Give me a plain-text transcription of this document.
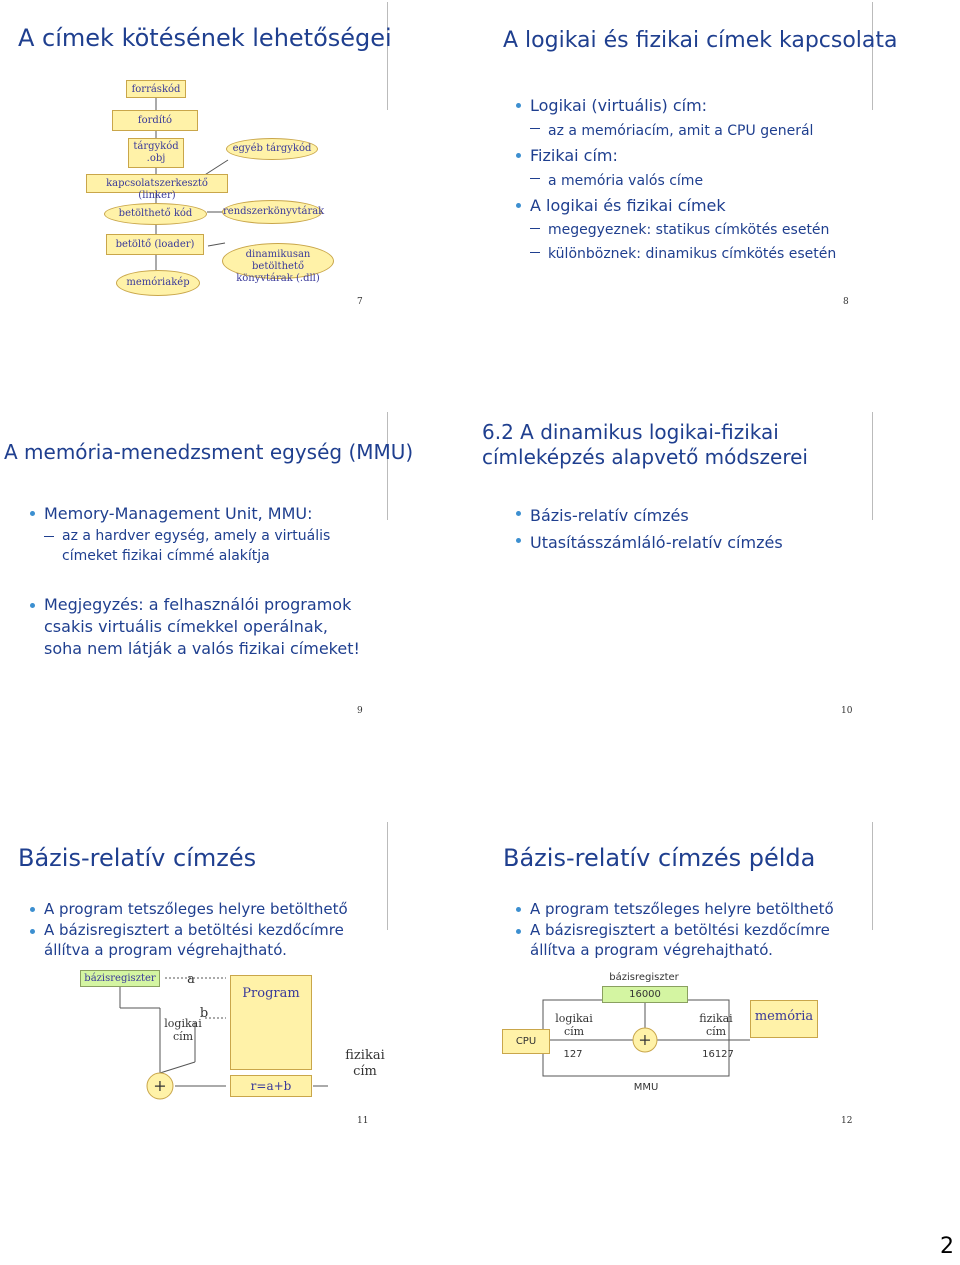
A címek kötésének lehetőségei
forráskód
fordító
tárgykód .obj
egyéb tárgykód
kapcsolatszerkesztő (linker)
betölthető kód	rendszerkönyvtárak
betöltő (loader)
dinamikusan betölthető könyvtárak (.dll)
memóriakép
7
A logikai és fizikai címek kapcsolata
Logikai (virtuális) cím:
az a memóriacím, amit a CPU generál
Fizikai cím:
a memória valós címe
A logikai és fizikai címek
megegyeznek: statikus címkötés esetén
különböznek: dinamikus címkötés esetén
8
A memória-menedzsment egység (MMU)
Memory-Management Unit, MMU:
az a hardver egység, amely a virtuális címeket fizikai címmé alakítja
Megjegyzés: a felhasználói programok csakis virtuális címekkel operálnak, soha nem látják a valós fizikai címeket!
9
6.2 A dinamikus logikai-fizikai címleképzés alapvető módszerei
Bázis-relatív címzés
Utasításszámláló-relatív címzés
10
Bázis-relatív címzés
A program tetszőleges helyre betölthető
A bázisregisztert a betöltési kezdőcímre állítva a program végrehajtható.
bázisregiszter	a
b
Program
logikai
cím
+	r=a+b
fizikai
cím
11
Bázis-relatív címzés példa
A program tetszőleges helyre betölthető
A bázisregisztert a betöltési kezdőcímre állítva a program végrehajtható.
bázisregiszter
16000
CPU
logikai
cím
127
+
fizikai
cím
16127
memória
MMU
12
2
